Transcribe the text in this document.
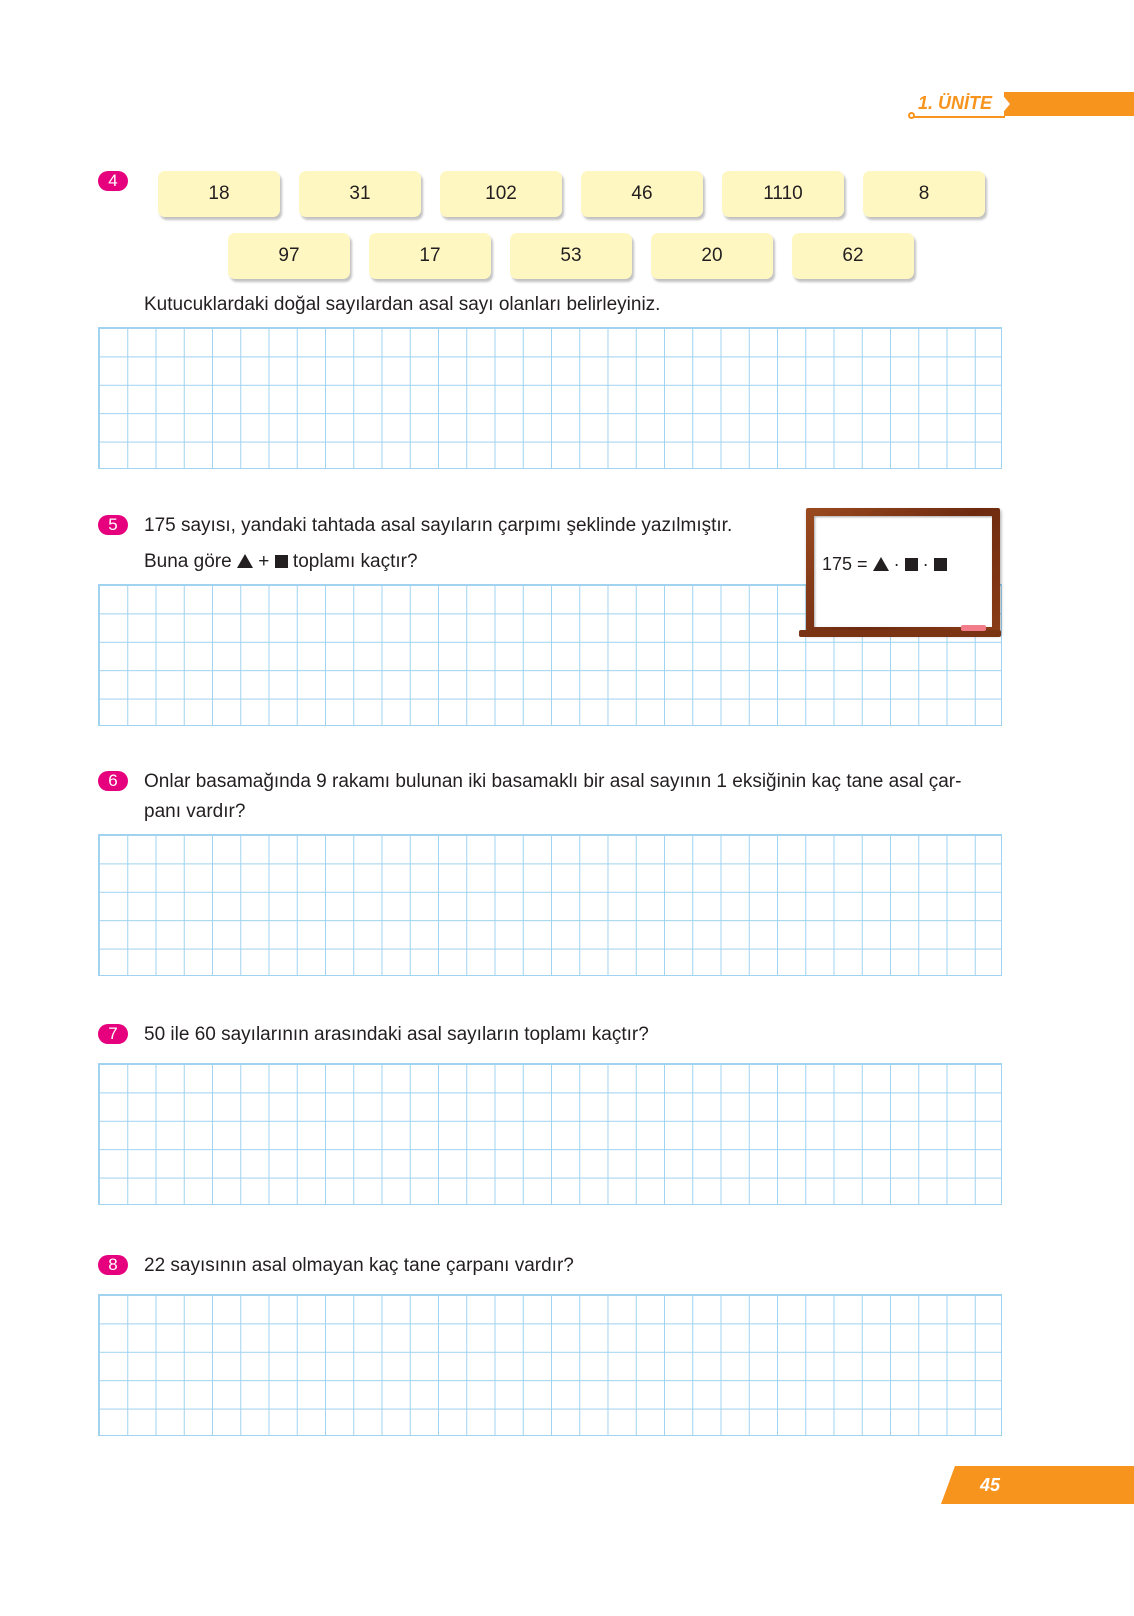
1. ÜNİTE
4
18	31	102	46	1110	8
97	17	53	20	62
Kutucuklardaki doğal sayılardan asal sayı olanları belirleyiniz.
5	175 sayısı, yandaki tahtada asal sayıların çarpımı şeklinde yazılmıştır.
Buna göre + toplamı kaçtır?	175 = · ·
6	Onlar basamağında 9 rakamı bulunan iki basamaklı bir asal sayının 1 eksiğinin kaç tane asal çar-
panı vardır?
7	50 ile 60 sayılarının arasındaki asal sayıların toplamı kaçtır?
8	22 sayısının asal olmayan kaç tane çarpanı vardır?
45
